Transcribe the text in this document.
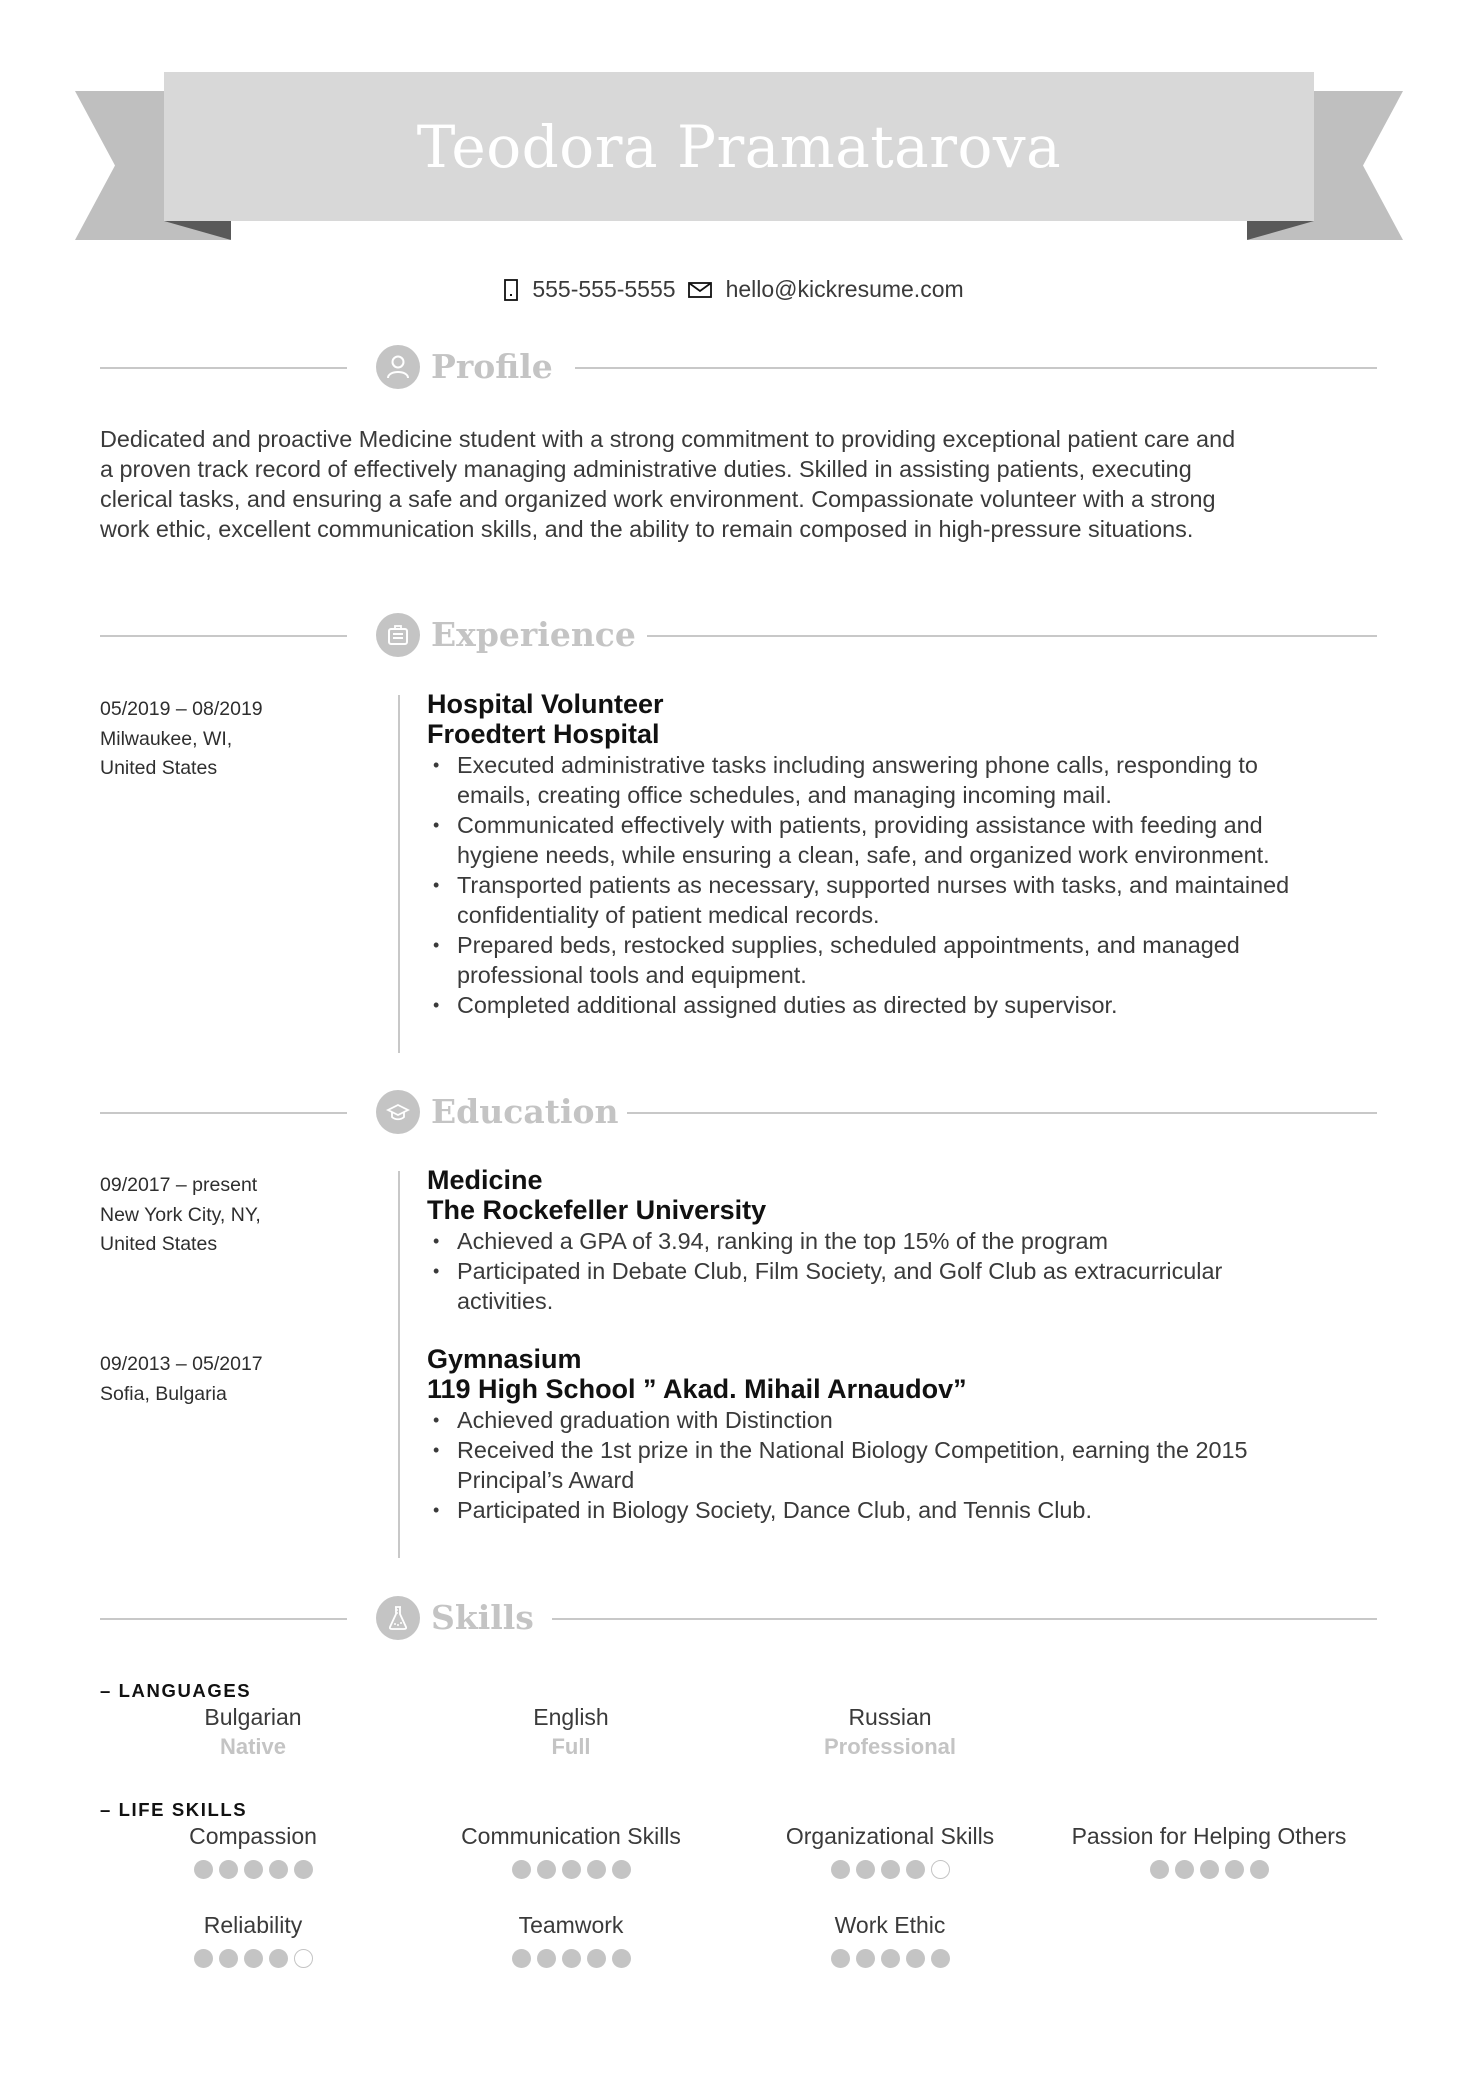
Teodora Pramatarova
555-555-5555 hello@kickresume.com
Profile
Dedicated and proactive Medicine student with a strong commitment to providing exceptional patient care and
a proven track record of effectively managing administrative duties. Skilled in assisting patients, executing
clerical tasks, and ensuring a safe and organized work environment. Compassionate volunteer with a strong
work ethic, excellent communication skills, and the ability to remain composed in high-pressure situations.
Experience
05/2019 – 08/2019
Milwaukee, WI,
United States
Hospital Volunteer
Froedtert Hospital
• Executed administrative tasks including answering phone calls, responding to
emails, creating office schedules, and managing incoming mail.
• Communicated effectively with patients, providing assistance with feeding and
hygiene needs, while ensuring a clean, safe, and organized work environment.
• Transported patients as necessary, supported nurses with tasks, and maintained
confidentiality of patient medical records.
• Prepared beds, restocked supplies, scheduled appointments, and managed
professional tools and equipment.
• Completed additional assigned duties as directed by supervisor.
Education
09/2017 – present
New York City, NY,
United States
Medicine
The Rockefeller University
• Achieved a GPA of 3.94, ranking in the top 15% of the program
• Participated in Debate Club, Film Society, and Golf Club as extracurricular
activities.
09/2013 – 05/2017
Sofia, Bulgaria
Gymnasium
119 High School ” Akad. Mihail Arnaudov”
• Achieved graduation with Distinction
• Received the 1st prize in the National Biology Competition, earning the 2015
Principal’s Award
• Participated in Biology Society, Dance Club, and Tennis Club.
Skills
– LANGUAGES
Bulgarian
Native
English
Full
Russian
Professional
– LIFE SKILLS
Compassion	Communication Skills	Organizational Skills	Passion for Helping Others
Reliability	Teamwork	Work Ethic
